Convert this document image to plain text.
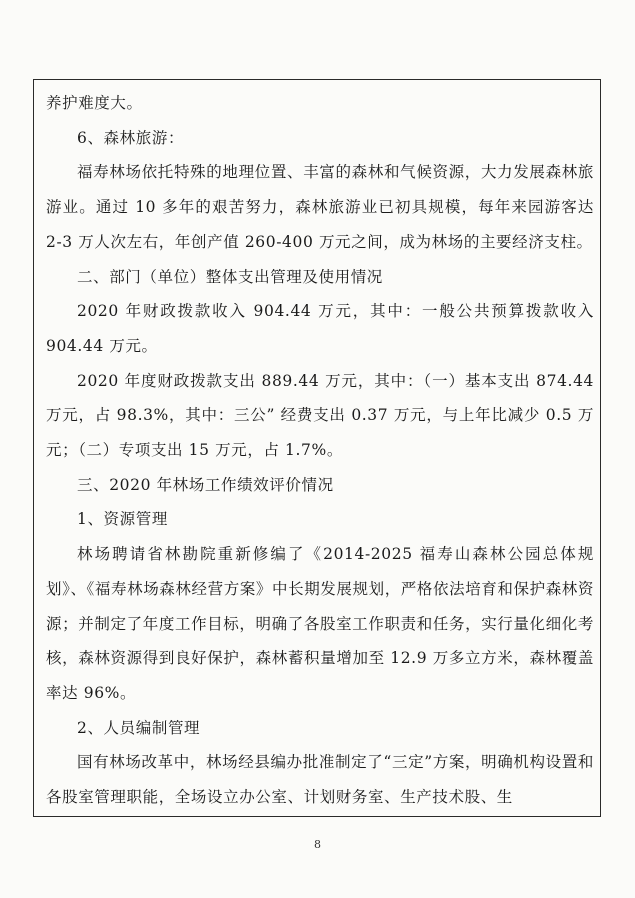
养护难度大。

6、森林旅游：

福寿林场依托特殊的地理位置、丰富的森林和气候资源，大力发展森林旅游业。通过 10 多年的艰苦努力，森林旅游业已初具规模，每年来园游客达 2-3 万人次左右，年创产值 260-400 万元之间，成为林场的主要经济支柱。

二、部门（单位）整体支出管理及使用情况

2020 年财政拨款收入 904.44 万元，其中：一般公共预算拨款收入 904.44 万元。

2020 年度财政拨款支出 889.44 万元，其中：（一）基本支出 874.44 万元，占 98.3%，其中：三公” 经费支出 0.37 万元，与上年比减少 0.5 万元；（二）专项支出 15 万元，占 1.7%。

三、2020 年林场工作绩效评价情况

1、资源管理

林场聘请省林勘院重新修编了《2014-2025 福寿山森林公园总体规划》、《福寿林场森林经营方案》中长期发展规划，严格依法培育和保护森林资源；并制定了年度工作目标，明确了各股室工作职责和任务，实行量化细化考核，森林资源得到良好保护，森林蓄积量增加至 12.9 万多立方米，森林覆盖率达 96%。

2、人员编制管理

国有林场改革中，林场经县编办批准制定了“三定”方案，明确机构设置和各股室管理职能，全场设立办公室、计划财务室、生产技术股、生

8
